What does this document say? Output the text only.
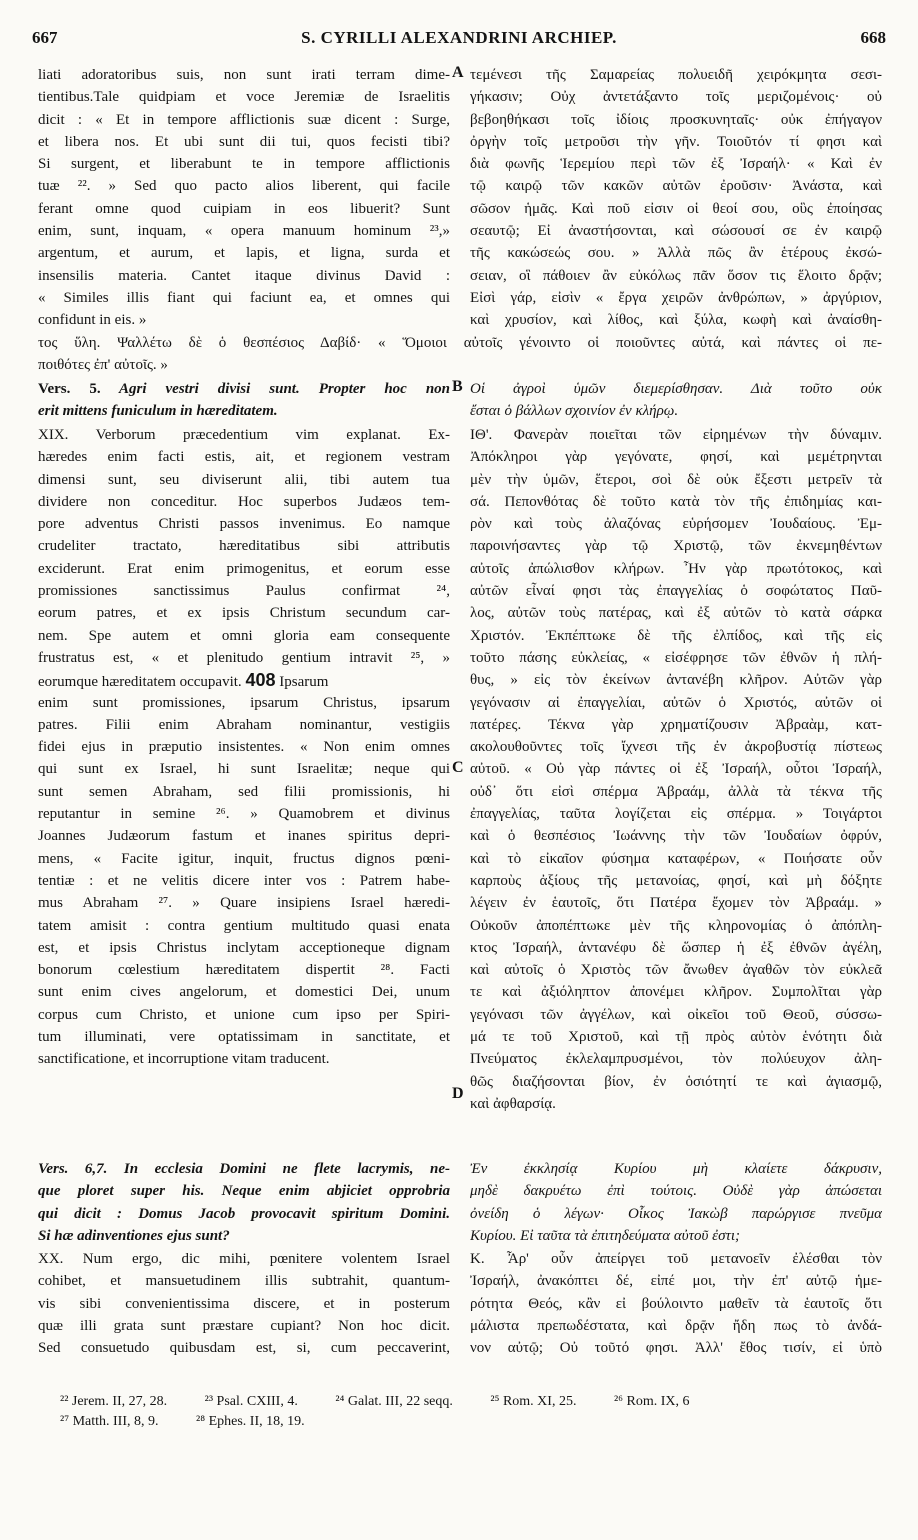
667	S. CYRILLI ALEXANDRINI ARCHIEP.	668
liati adoratoribus suis, non sunt irati terram dime-
tientibus.Tale quidpiam et voce Jeremiæ de Israelitis
dicit : « Et in tempore afflictionis suæ dicent : Surge,
et libera nos. Et ubi sunt dii tui, quos fecisti tibi?
Si surgent, et liberabunt te in tempore afflictionis
tuæ ²². » Sed quo pacto alios liberent, qui facile
ferant omne quod cuipiam in eos libuerit? Sunt
enim, sunt, inquam, « opera manuum hominum ²³,»
argentum, et aurum, et lapis, et ligna, surda et
insensilis materia. Cantet itaque divinus David :
« Similes illis fiant qui faciunt ea, et omnes qui
confidunt in eis. »
A τεμένεσι τῆς Σαμαρείας πολυειδῆ χειρόκμητα σεσι-
γήκασιν; Οὐχ ἀντετάξαντο τοῖς μεριζομένοις· οὐ
βεβοηθήκασι τοῖς ἰδίοις προσκυνηταῖς· οὐκ ἐπήγαγον
ὀργὴν τοῖς μετροῦσι τὴν γῆν. Τοιοῦτόν τί φησι καὶ
διὰ φωνῆς Ἱερεμίου περὶ τῶν ἐξ Ἰσραήλ· « Καὶ ἐν
τῷ καιρῷ τῶν κακῶν αὐτῶν ἐροῦσιν· Ἀνάστα, καὶ
σῶσον ἡμᾶς. Καὶ ποῦ εἰσιν οἱ θεοί σου, οὓς ἐποίησας
σεαυτῷ; Εἰ ἀναστήσονται, καὶ σώσουσί σε ἐν καιρῷ
τῆς κακώσεώς σου. » Ἀλλὰ πῶς ἂν ἑτέρους ἐκσώ-
σειαν, οἳ πάθοιεν ἂν εὐκόλως πᾶν ὅσον τις ἕλοιτο δρᾷν;
Εἰσὶ γάρ, εἰσὶν « ἔργα χειρῶν ἀνθρώπων, » ἀργύριον,
καὶ χρυσίον, καὶ λίθος, καὶ ξύλα, κωφὴ καὶ ἀναίσθη-
τος ὕλη. Ψαλλέτω δὲ ὁ θεσπέσιος Δαβίδ· « Ὅμοιοι αὐτοῖς γένοιντο οἱ ποιοῦντες αὐτά, καὶ πάντες οἱ πε-
ποιθότες ἐπ' αὐτοῖς. »
Vers. 5. Agri vestri divisi sunt. Propter hoc non
erit mittens funiculum in hæreditatem.
B Οἱ ἀγροὶ ὑμῶν διεμερίσθησαν. Διὰ τοῦτο οὐκ
ἔσται ὁ βάλλων σχοινίον ἐν κλήρῳ.
XIX. Verborum præcedentium vim explanat. Ex-
hæredes enim facti estis, ait, et regionem vestram
dimensi sunt, seu diviserunt alii, tibi autem tua
dividere non conceditur. Hoc superbos Judæos tem-
pore adventus Christi passos invenimus. Eo namque
crudeliter tractato, hæreditatibus sibi attributis
exciderunt. Erat enim primogenitus, et eorum esse
promissiones sanctissimus Paulus confirmat ²⁴,
eorum patres, et ex ipsis Christum secundum car-
nem. Spe autem et omni gloria eam consequente
frustratus est, « et plenitudo gentium intravit ²⁵, »
eorumque hæreditatem occupavit. 408 Ipsarum
enim sunt promissiones, ipsarum Christus, ipsarum
patres. Filii enim Abraham nominantur, vestigiis
fidei ejus in præputio insistentes. « Non enim omnes
qui sunt ex Israel, hi sunt Israelitæ; neque qui
sunt semen Abraham, sed filii promissionis, hi
reputantur in semine ²⁶. » Quamobrem et divinus
Joannes Judæorum fastum et inanes spiritus depri-
mens, « Facite igitur, inquit, fructus dignos pœni-
tentiæ : et ne velitis dicere inter vos : Patrem habe-
mus Abraham ²⁷. » Quare insipiens Israel hæredi-
tatem amisit : contra gentium multitudo quasi enata
est, et ipsis Christus inclytam acceptioneque dignam
bonorum cœlestium hæreditatem dispertit ²⁸. Facti
sunt enim cives angelorum, et domestici Dei, unum
corpus cum Christo, et unione cum ipso per Spiri-
tum illuminati, vere optatissimam in sanctitate, et
sanctificatione, et incorruptione vitam traducent.
C
D
ΙΘ'. Φανερὰν ποιεῖται τῶν εἰρημένων τὴν δύναμιν.
Ἀπόκληροι γὰρ γεγόνατε, φησί, καὶ μεμέτρηνται
μὲν τὴν ὑμῶν, ἕτεροι, σοὶ δὲ οὐκ ἔξεστι μετρεῖν τὰ
σά. Πεπονθότας δὲ τοῦτο κατὰ τὸν τῆς ἐπιδημίας και-
ρὸν καὶ τοὺς ἀλαζόνας εὑρήσομεν Ἰουδαίους. Ἐμ-
παροινήσαντες γὰρ τῷ Χριστῷ, τῶν ἐκνεμηθέντων
αὐτοῖς ἀπώλισθον κλήρων. Ἦν γὰρ πρωτότοκος, καὶ
αὐτῶν εἶναί φησι τὰς ἐπαγγελίας ὁ σοφώτατος Παῦ-
λος, αὐτῶν τοὺς πατέρας, καὶ ἐξ αὐτῶν τὸ κατὰ σάρκα
Χριστόν. Ἐκπέπτωκε δὲ τῆς ἐλπίδος, καὶ τῆς εἰς
τοῦτο πάσης εὐκλείας, « εἰσέφρησε τῶν ἐθνῶν ἡ πλή-
θυς, » εἰς τὸν ἐκείνων ἀντανέβη κλῆρον. Αὐτῶν γὰρ
γεγόνασιν αἱ ἐπαγγελίαι, αὐτῶν ὁ Χριστός, αὐτῶν οἱ
πατέρες. Τέκνα γὰρ χρηματίζουσιν Ἀβραὰμ, κατ-
ακολουθοῦντες τοῖς ἴχνεσι τῆς ἐν ἀκροβυστίᾳ πίστεως
αὐτοῦ. « Οὐ γὰρ πάντες οἱ ἐξ Ἰσραήλ, οὗτοι Ἰσραήλ,
οὐδ᾽ ὅτι εἰσὶ σπέρμα Ἀβραάμ, ἀλλὰ τὰ τέκνα τῆς
ἐπαγγελίας, ταῦτα λογίζεται εἰς σπέρμα. » Τοιγάρτοι
καὶ ὁ θεσπέσιος Ἰωάννης τὴν τῶν Ἰουδαίων ὀφρύν,
καὶ τὸ εἰκαῖον φύσημα καταφέρων, « Ποιήσατε οὖν
καρποὺς ἀξίους τῆς μετανοίας, φησί, καὶ μὴ δόξητε
λέγειν ἐν ἑαυτοῖς, ὅτι Πατέρα ἔχομεν τὸν Ἀβραάμ. »
Οὐκοῦν ἀποπέπτωκε μὲν τῆς κληρονομίας ὁ ἀπόπλη-
κτος Ἰσραήλ, ἀντανέφυ δὲ ὥσπερ ἡ ἐξ ἐθνῶν ἀγέλη,
καὶ αὐτοῖς ὁ Χριστὸς τῶν ἄνωθεν ἀγαθῶν τὸν εὐκλεᾶ
τε καὶ ἀξιόληπτον ἀπονέμει κλῆρον. Συμπολῖται γὰρ
γεγόνασι τῶν ἀγγέλων, καὶ οἰκεῖοι τοῦ Θεοῦ, σύσσω-
μά τε τοῦ Χριστοῦ, καὶ τῇ πρὸς αὐτὸν ἑνότητι διὰ
Πνεύματος ἐκλελαμπρυσμένοι, τὸν πολύευχον ἀλη-
θῶς διαζήσονται βίον, ἐν ὁσιότητί τε καὶ ἁγιασμῷ,
καὶ ἀφθαρσίᾳ.
Vers. 6,7. In ecclesia Domini ne flete lacrymis, ne-
que ploret super his. Neque enim abjiciet opprobria
qui dicit : Domus Jacob provocavit spiritum Domini.
Si hæ adinventiones ejus sunt?
Ἐν ἐκκλησίᾳ Κυρίου μὴ κλαίετε δάκρυσιν,
μηδὲ δακρυέτω ἐπὶ τούτοις. Οὐδὲ γὰρ ἀπώσεται
ὀνείδη ὁ λέγων· Οἶκος Ἰακὼβ παρώργισε πνεῦμα
Κυρίου. Εἰ ταῦτα τὰ ἐπιτηδεύματα αὐτοῦ ἐστι;
XX. Num ergo, dic mihi, pœnitere volentem Israel
cohibet, et mansuetudinem illis subtrahit, quantum-
vis sibi convenientissima discere, et in posterum
quæ illi grata sunt præstare cupiant? Non hoc dicit.
Sed consuetudo quibusdam est, si, cum peccaverint,
Κ. Ἆρ' οὖν ἀπείργει τοῦ μετανοεῖν ἐλέσθαι τὸν
Ἰσραήλ, ἀνακόπτει δέ, εἰπέ μοι, τὴν ἐπ' αὐτῷ ἡμε-
ρότητα Θεός, κἂν εἰ βούλοιντο μαθεῖν τὰ ἑαυτοῖς ὅτι
μάλιστα πρεπωδέστατα, καὶ δρᾷν ἤδη πως τὸ ἀνδά-
νον αὐτῷ; Οὐ τοῦτό φησι. Ἀλλ' ἔθος τισίν, εἰ ὑπὸ
²² Jerem. II, 27, 28.	²³ Psal. CXIII, 4.	²⁴ Galat. III, 22 seqq.	²⁵ Rom. XI, 25.	²⁶ Rom. IX, 6
²⁷ Matth. III, 8, 9.	²⁸ Ephes. II, 18, 19.
